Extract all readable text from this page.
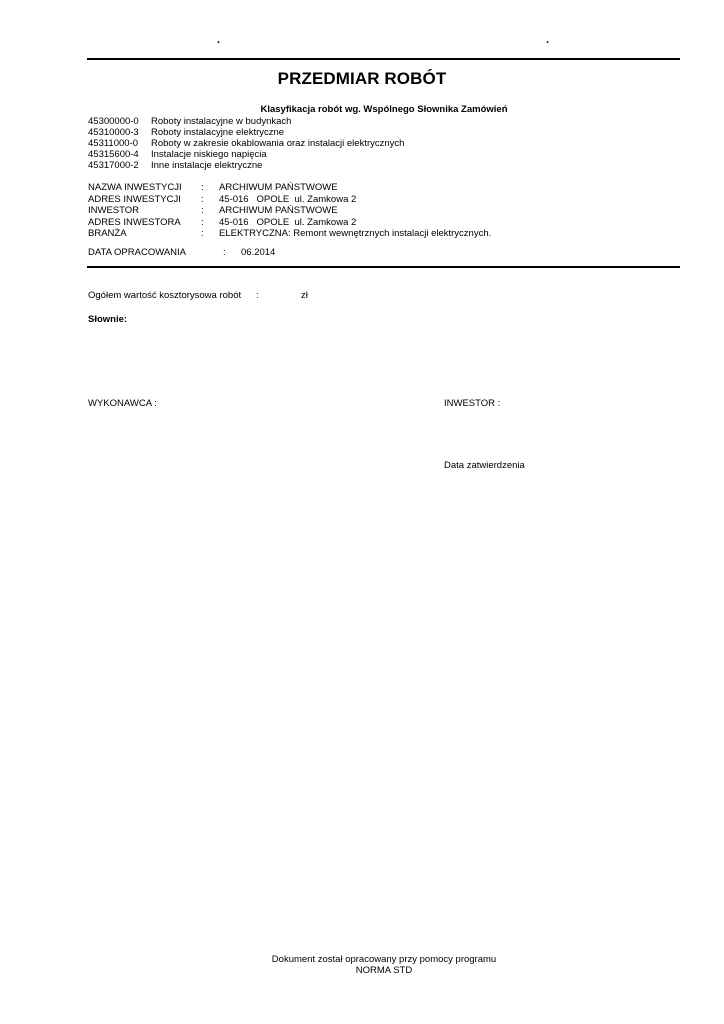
.	.
PRZEDMIAR ROBÓT
Klasyfikacja robót wg. Wspólnego Słownika Zamówień
45300000-0	Roboty instalacyjne w budynkach
45310000-3	Roboty instalacyjne elektryczne
45311000-0	Roboty w zakresie okablowania oraz instalacji elektrycznych
45315600-4	Instalacje niskiego napięcia
45317000-2	Inne instalacje elektryczne
NAZWA INWESTYCJI	:	ARCHIWUM PAŃSTWOWE
ADRES INWESTYCJI	:	45-016   OPOLE  ul. Zamkowa 2
INWESTOR	:	ARCHIWUM PAŃSTWOWE
ADRES INWESTORA	:	45-016   OPOLE  ul. Zamkowa 2
BRANŻA	:	ELEKTRYCZNA: Remont wewnętrznych instalacji elektrycznych.
DATA OPRACOWANIA	:	06.2014
Ogółem wartość kosztorysowa robót	:	zł
Słownie:
WYKONAWCA :	INWESTOR :
Data zatwierdzenia
Dokument został opracowany przy pomocy programu
NORMA STD
